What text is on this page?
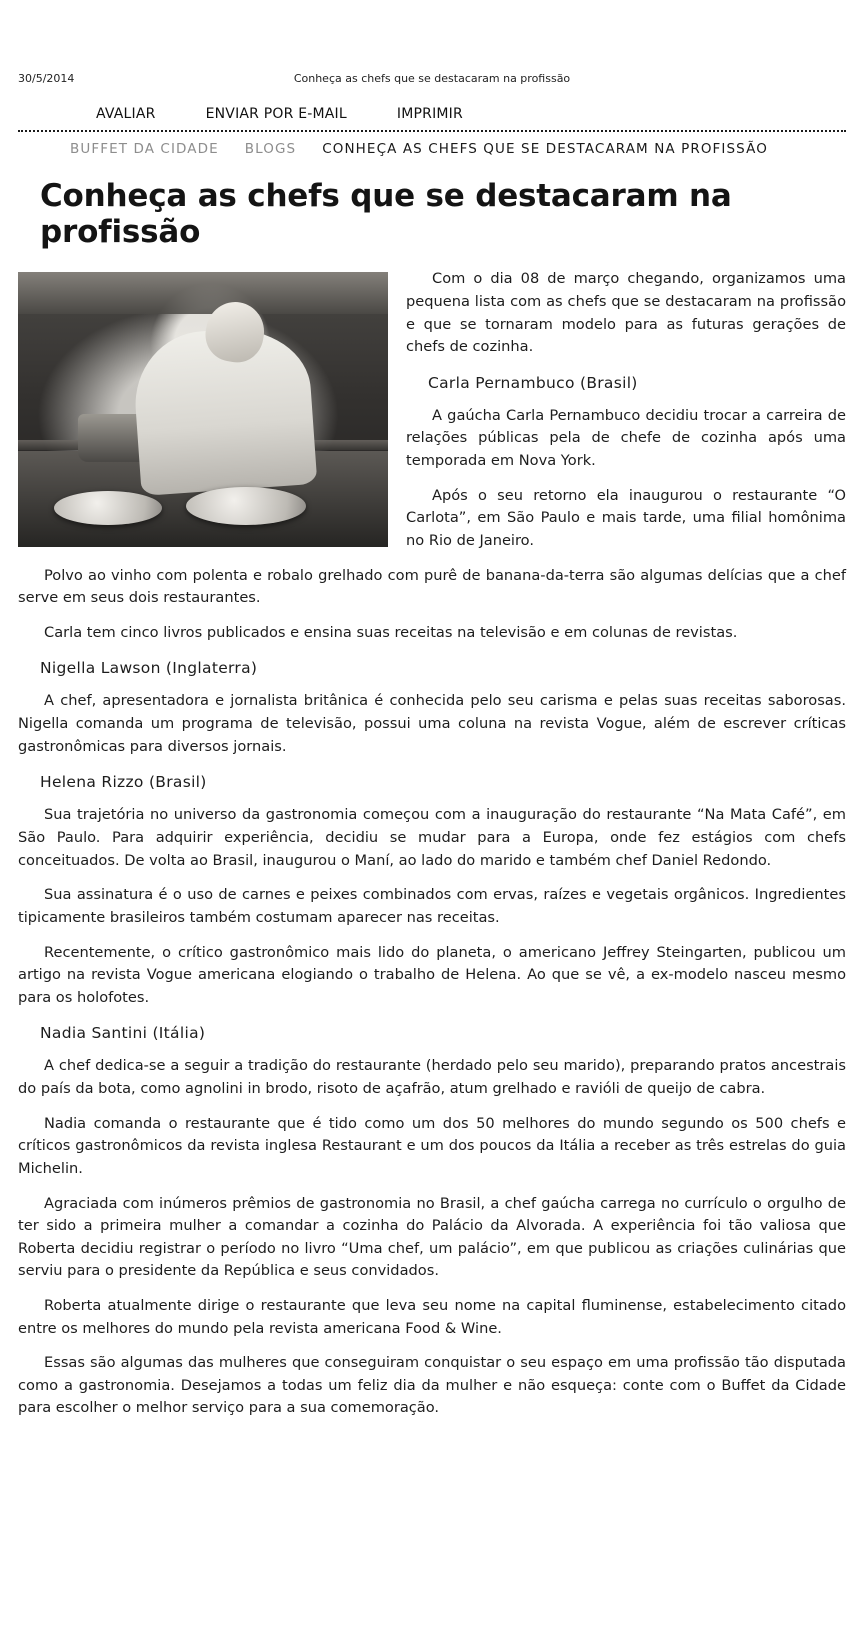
30/5/2014	Conheça as chefs que se destacaram na profissão
AVALIAR	ENVIAR POR E-MAIL	IMPRIMIR
BUFFET DA CIDADE BLOGS CONHEÇA AS CHEFS QUE SE DESTACARAM NA PROFISSÃO
Conheça as chefs que se destacaram na profissão

Com o dia 08 de março chegando, organizamos uma pequena lista com as chefs que se destacaram na profissão e que se tornaram modelo para as futuras gerações de chefs de cozinha.

Carla Pernambuco (Brasil)

A gaúcha Carla Pernambuco decidiu trocar a carreira de relações públicas pela de chefe de cozinha após uma temporada em Nova York.

Após o seu retorno ela inaugurou o restaurante “O Carlota”, em São Paulo e mais tarde, uma filial homônima no Rio de Janeiro.

Polvo ao vinho com polenta e robalo grelhado com purê de banana-da-terra são algumas delícias que a chef serve em seus dois restaurantes.

Carla tem cinco livros publicados e ensina suas receitas na televisão e em colunas de revistas.

Nigella Lawson (Inglaterra)

A chef, apresentadora e jornalista britânica é conhecida pelo seu carisma e pelas suas receitas saborosas. Nigella comanda um programa de televisão, possui uma coluna na revista Vogue, além de escrever críticas gastronômicas para diversos jornais.

Helena Rizzo (Brasil)

Sua trajetória no universo da gastronomia começou com a inauguração do restaurante “Na Mata Café”, em São Paulo. Para adquirir experiência, decidiu se mudar para a Europa, onde fez estágios com chefs conceituados. De volta ao Brasil, inaugurou o Maní, ao lado do marido e também chef Daniel Redondo.

Sua assinatura é o uso de carnes e peixes combinados com ervas, raízes e vegetais orgânicos. Ingredientes tipicamente brasileiros também costumam aparecer nas receitas.

Recentemente, o crítico gastronômico mais lido do planeta, o americano Jeffrey Steingarten, publicou um artigo na revista Vogue americana elogiando o trabalho de Helena. Ao que se vê, a ex-modelo nasceu mesmo para os holofotes.

Nadia Santini (Itália)

A chef dedica-se a seguir a tradição do restaurante (herdado pelo seu marido), preparando pratos ancestrais do país da bota, como agnolini in brodo, risoto de açafrão, atum grelhado e ravióli de queijo de cabra.

Nadia comanda o restaurante que é tido como um dos 50 melhores do mundo segundo os 500 chefs e críticos gastronômicos da revista inglesa Restaurant e um dos poucos da Itália a receber as três estrelas do guia Michelin.

Agraciada com inúmeros prêmios de gastronomia no Brasil, a chef gaúcha carrega no currículo o orgulho de ter sido a primeira mulher a comandar a cozinha do Palácio da Alvorada. A experiência foi tão valiosa que Roberta decidiu registrar o período no livro “Uma chef, um palácio”, em que publicou as criações culinárias que serviu para o presidente da República e seus convidados.

Roberta atualmente dirige o restaurante que leva seu nome na capital fluminense, estabelecimento citado entre os melhores do mundo pela revista americana Food & Wine.

Essas são algumas das mulheres que conseguiram conquistar o seu espaço em uma profissão tão disputada como a gastronomia. Desejamos a todas um feliz dia da mulher e não esqueça: conte com o Buffet da Cidade para escolher o melhor serviço para a sua comemoração.
